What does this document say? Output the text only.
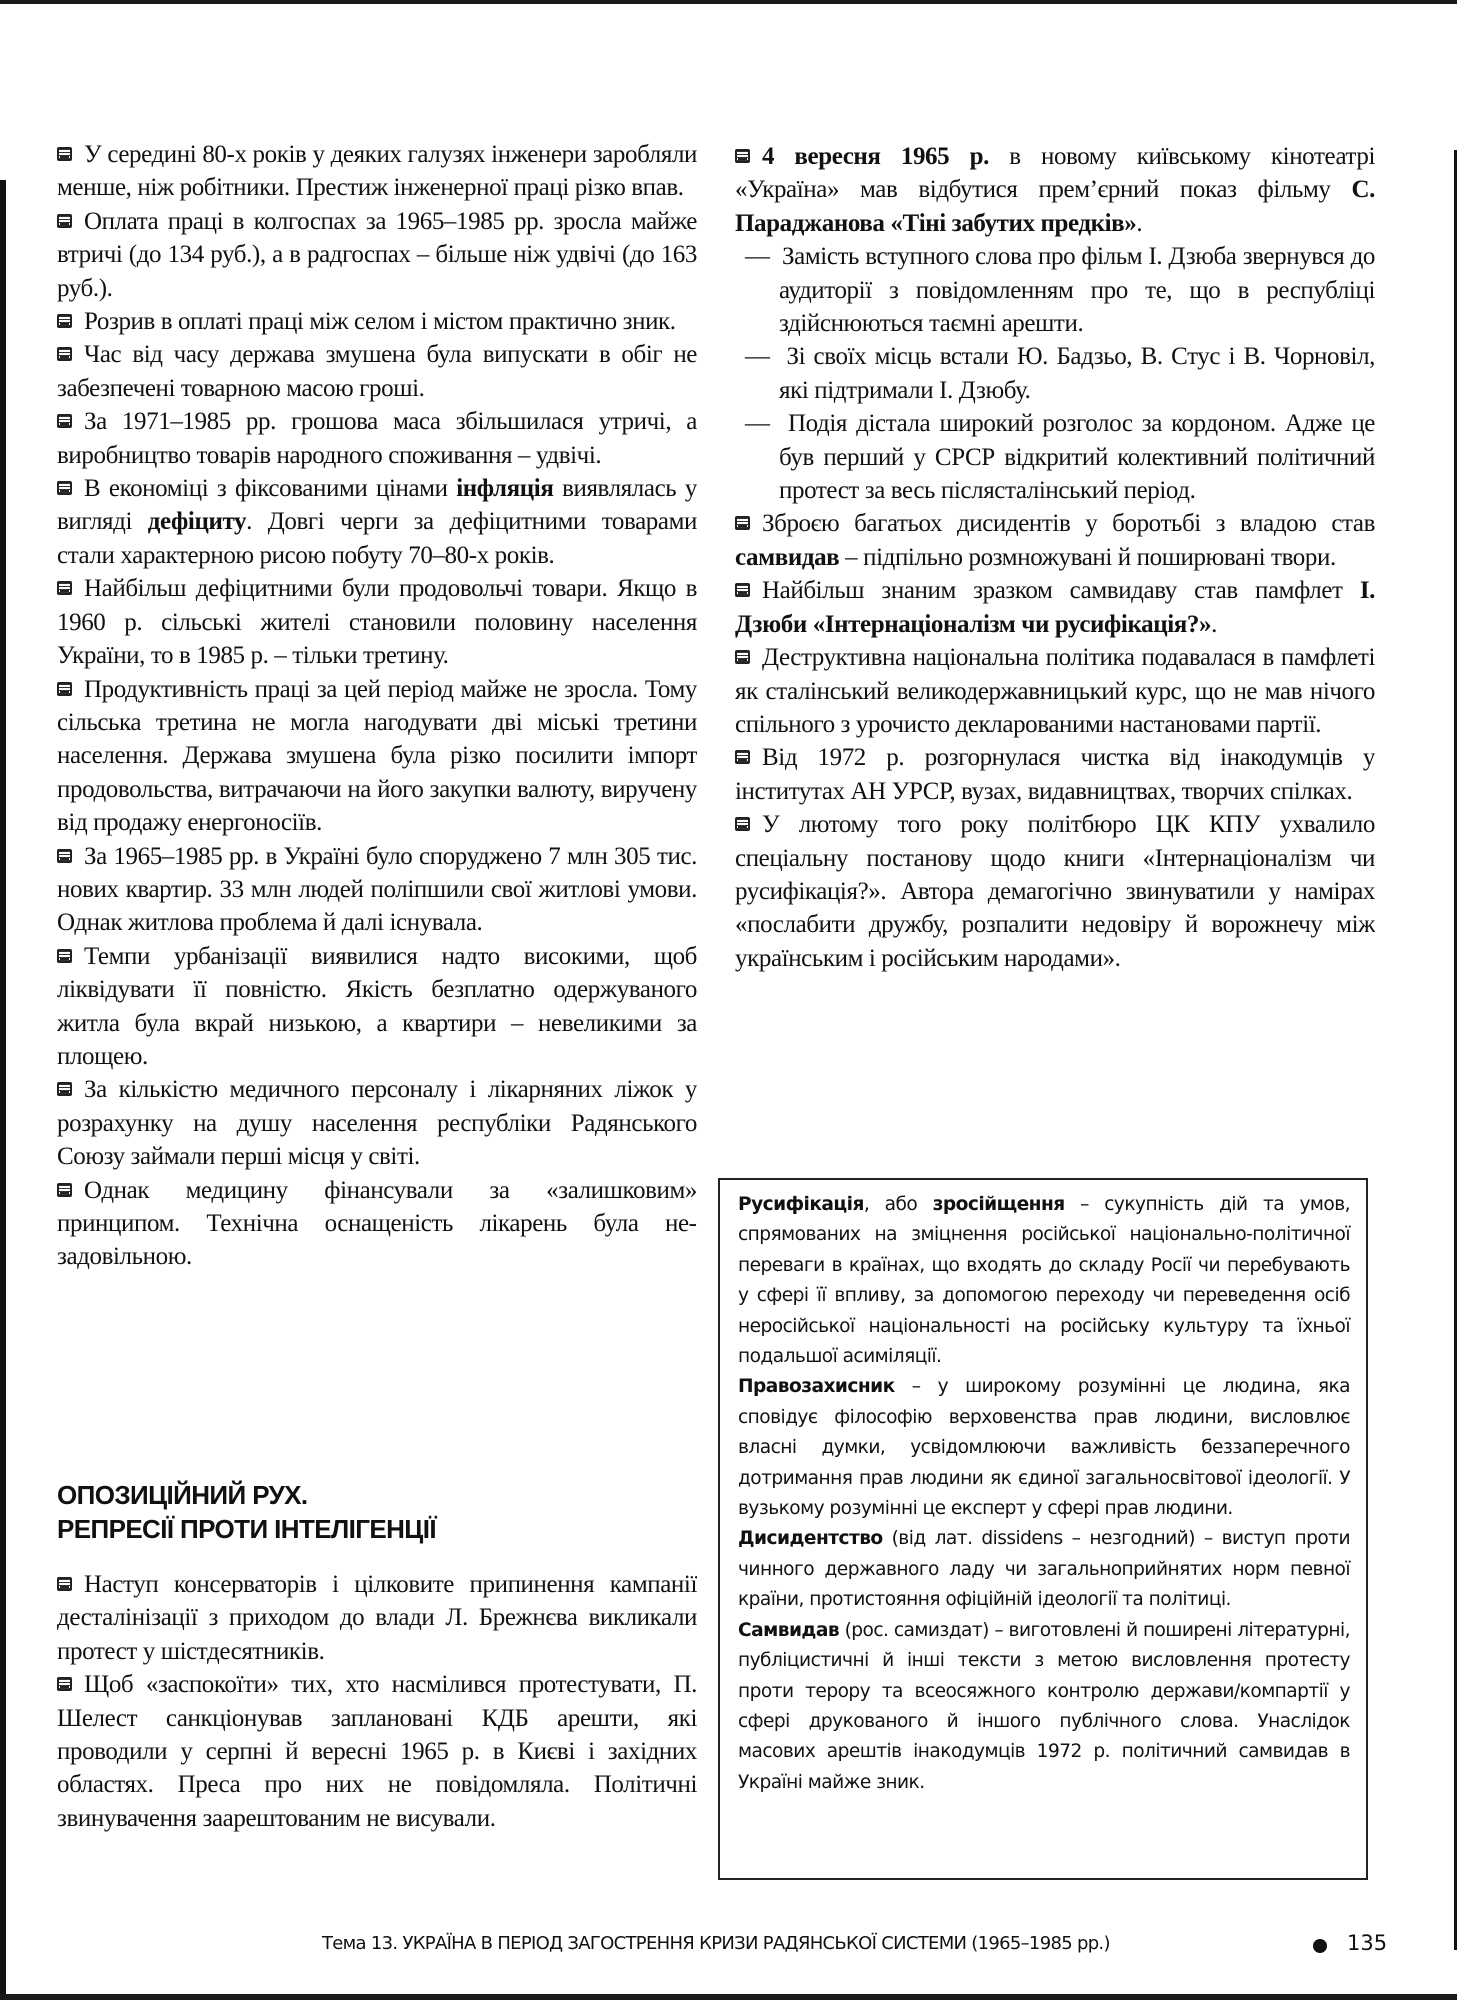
У середині 80-х років у деяких галузях інженери заробляли менше, ніж робітники. Престиж інженерної праці різко впав.

Оплата праці в колгоспах за 1965–1985 рр. зросла майже втричі (до 134 руб.), а в радгоспах – більше ніж удвічі (до 163 руб.).

Розрив в оплаті праці між селом і містом практично зник.

Час від часу держава змушена була випускати в обіг не забезпечені товарною масою гроші.

За 1971–1985 рр. грошова маса збільшилася утричі, а виробництво товарів народного споживання – удвічі.

В економіці з фіксованими цінами інфляція виявлялась у вигляді дефіциту. Довгі черги за дефіцитними товарами стали характерною рисою побуту 70–80-х років.

Найбільш дефіцитними були продовольчі товари. Якщо в 1960 р. сільські жителі становили половину населення України, то в 1985 р. – тільки третину.

Продуктивність праці за цей період майже не зросла. Тому сільська третина не могла нагодувати дві міські третини населення. Держава змушена була різко посилити імпорт продовольства, витрачаючи на його закупки валюту, виручену від продажу енергоносіїв.

За 1965–1985 рр. в Україні було споруджено 7 млн 305 тис. нових квартир. 33 млн людей поліпшили свої житлові умови. Однак житлова проблема й далі існувала.

Темпи урбанізації виявилися надто високими, щоб ліквідувати її повністю. Якість безплатно одержуваного житла була вкрай низькою, а квартири – невеликими за площею.

За кількістю медичного персоналу і лікарняних ліжок у розрахунку на душу населення республіки Радянського Союзу займали перші місця у світі.

Однак медицину фінансували за «залишковим» принципом. Технічна оснащеність лікарень була незадовільною.

ОПОЗИЦІЙНИЙ РУХ.
РЕПРЕСІЇ ПРОТИ ІНТЕЛІГЕНЦІЇ

Наступ консерваторів і цілковите припинення кампанії десталінізації з приходом до влади Л. Брежнєва викликали протест у шістдесятників.

Щоб «заспокоїти» тих, хто насмілився протестувати, П. Шелест санкціонував заплановані КДБ арешти, які проводили у серпні й вересні 1965 р. в Києві і західних областях. Преса про них не повідомляла. Політичні звинувачення заарештованим не висували.

4 вересня 1965 р. в новому київському кінотеатрі «Україна» мав відбутися прем’єрний показ фільму С. Параджанова «Тіні забутих предків».

—  Замість вступного слова про фільм І. Дзюба звернувся до аудиторії з повідомленням про те, що в республіці здійснюються таємні арешти.

—  Зі своїх місць встали Ю. Бадзьо, В. Стус і В. Чорновіл, які підтримали І. Дзюбу.

—  Подія дістала широкий розголос за кордоном. Адже це був перший у СРСР відкритий колективний політичний протест за весь післясталінський період.

Зброєю багатьох дисидентів у боротьбі з владою став самвидав – підпільно розмножувані й поширювані твори.

Найбільш знаним зразком самвидаву став памфлет І. Дзюби «Інтернаціоналізм чи русифікація?».

Деструктивна національна політика подавалася в памфлеті як сталінський великодержавницький курс, що не мав нічого спільного з урочисто деклaрованими настановами партії.

Від 1972 р. розгорнулася чистка від інакодумців у інститутах АН УРСР, вузах, видавництвах, творчих спілках.

У лютому того року політбюро ЦК КПУ ухвалило спеціальну постанову щодо книги «Інтернаціоналізм чи русифікація?». Автора демагогічно звинуватили у намірах «послабити дружбу, розпалити недовіру й ворожнечу між українським і російським народами».

Русифікація, або зросійщення – сукупність дій та умов, спрямованих на зміцнення російської національно-політичної переваги в країнах, що входять до складу Росії чи перебувають у сфері її впливу, за допомогою переходу чи переведення осіб неросійської національності на російську культуру та їхньої подальшої асиміляції.

Правозахисник – у широкому розумінні це людина, яка сповідує філософію верховенства прав людини, висловлює власні думки, усвідомлюючи важливість беззаперечного дотримання прав людини як єдиної загальносвітової ідеології. У вузькому розумінні це експерт у сфері прав людини.

Дисидентство (від лат. dissidens – незгодний) – виступ проти чинного державного ладу чи загальноприйнятих норм певної країни, протистояння офіційній ідеології та політиці.

Самвидав (рос. самиздат) – виготовлені й поширені літературні, публіцистичні й інші тексти з метою висловлення протесту проти терору та всеосяжного контролю держави/компартії у сфері друкованого й іншого публічного слова. Унаслідок масових арештів інакодумців 1972 р. політичний самвидав в Україні майже зник.

Тема 13. УКРАЇНА В ПЕРІОД ЗАГОСТРЕННЯ КРИЗИ РАДЯНСЬКОЇ СИСТЕМИ (1965–1985 рр.)	135
